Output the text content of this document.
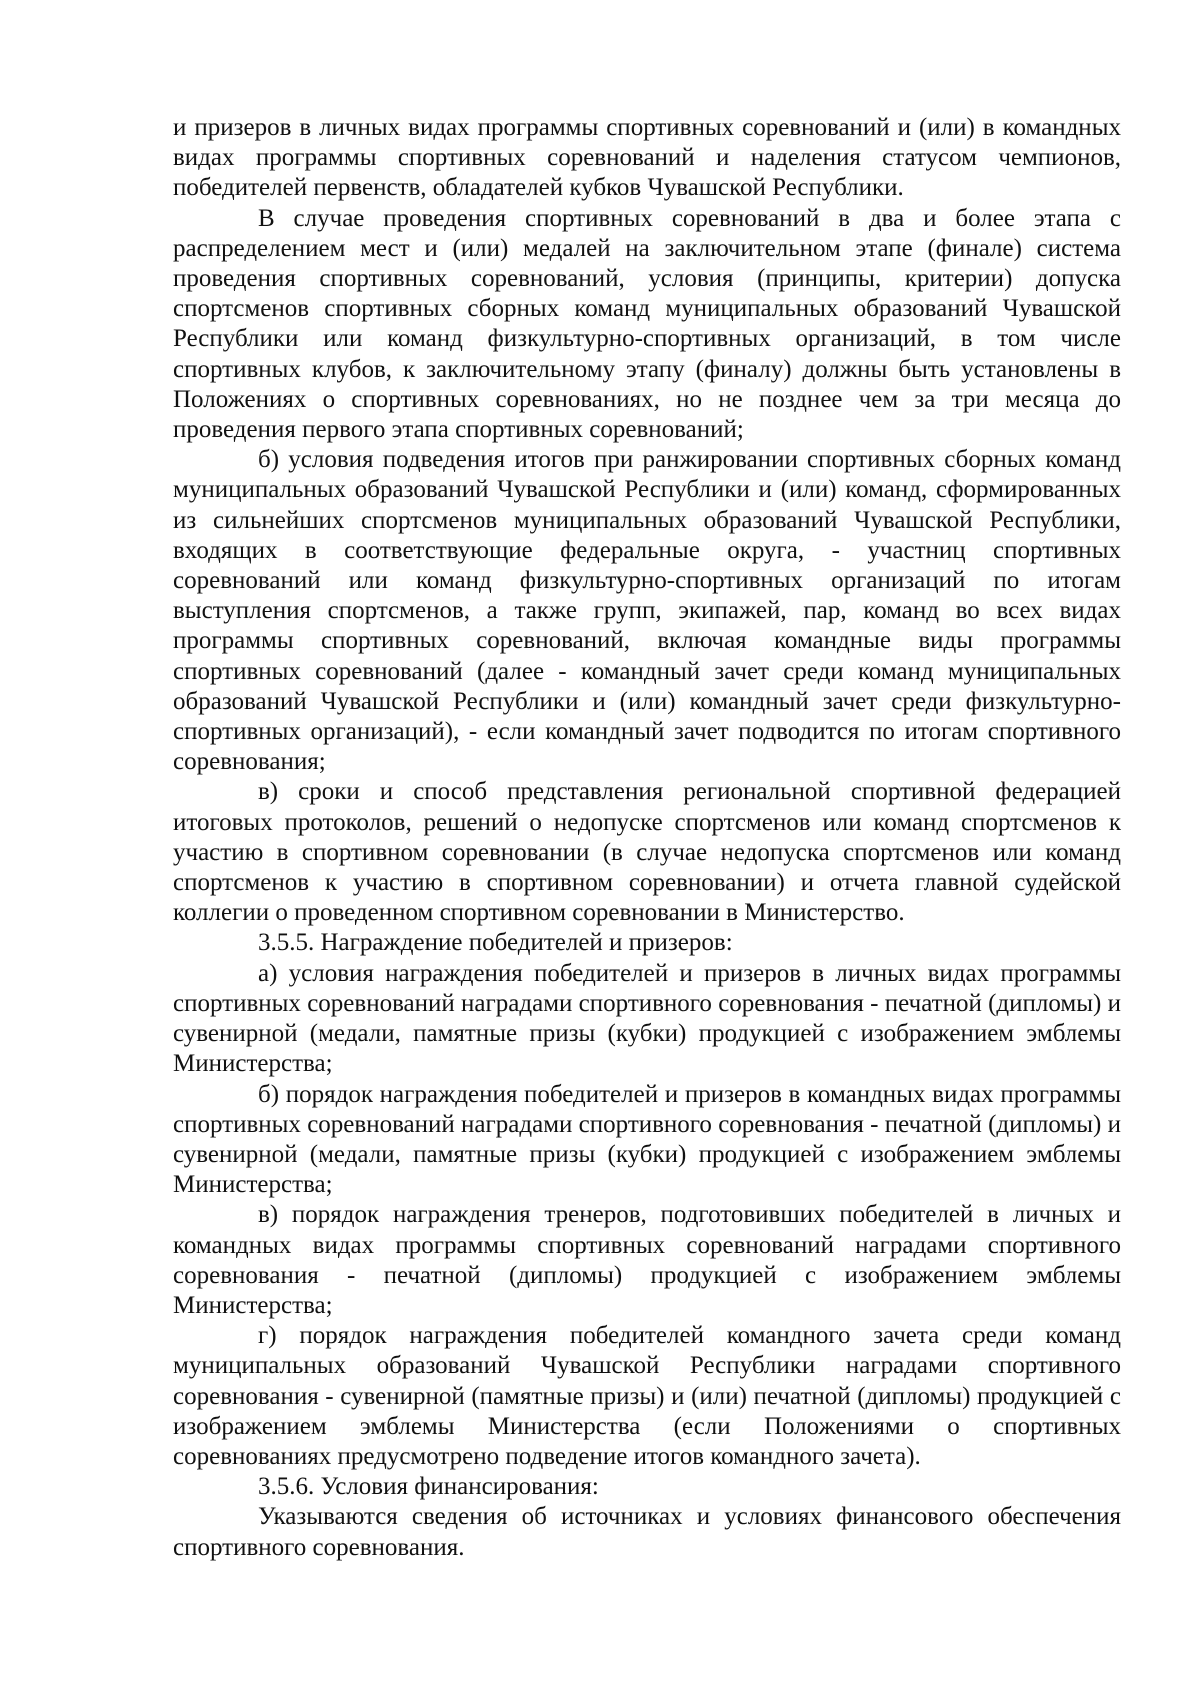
и призеров в личных видах программы спортивных соревнований и (или) в командных видах программы спортивных соревнований и наделения статусом чемпионов, победителей первенств, обладателей кубков Чувашской Республики.

В случае проведения спортивных соревнований в два и более этапа с распределением мест и (или) медалей на заключительном этапе (финале) система проведения спортивных соревнований, условия (принципы, критерии) допуска спортсменов спортивных сборных команд муниципальных образований Чувашской Республики или команд физкультурно-спортивных организаций, в том числе спортивных клубов, к заключительному этапу (финалу) должны быть установлены в Положениях о спортивных соревнованиях, но не позднее чем за три месяца до проведения первого этапа спортивных соревнований;

б) условия подведения итогов при ранжировании спортивных сборных команд муниципальных образований Чувашской Республики и (или) команд, сформированных из сильнейших спортсменов муниципальных образований Чувашской Республики, входящих в соответствующие федеральные округа, - участниц спортивных соревнований или команд физкультурно-спортивных организаций по итогам выступления спортсменов, а также групп, экипажей, пар, команд во всех видах программы спортивных соревнований, включая командные виды программы спортивных соревнований (далее - командный зачет среди команд муниципальных образований Чувашской Республики и (или) командный зачет среди физкультурно-спортивных организаций), - если командный зачет подводится по итогам спортивного соревнования;

в) сроки и способ представления региональной спортивной федерацией итоговых протоколов, решений о недопуске спортсменов или команд спортсменов к участию в спортивном соревновании (в случае недопуска спортсменов или команд спортсменов к участию в спортивном соревновании) и отчета главной судейской коллегии о проведенном спортивном соревновании в Министерство.

3.5.5. Награждение победителей и призеров:

а) условия награждения победителей и призеров в личных видах программы спортивных соревнований наградами спортивного соревнования - печатной (дипломы) и сувенирной (медали, памятные призы (кубки) продукцией с изображением эмблемы Министерства;

б) порядок награждения победителей и призеров в командных видах программы спортивных соревнований наградами спортивного соревнования - печатной (дипломы) и сувенирной (медали, памятные призы (кубки) продукцией с изображением эмблемы Министерства;

в) порядок награждения тренеров, подготовивших победителей в личных и командных видах программы спортивных соревнований наградами спортивного соревнования - печатной (дипломы) продукцией с изображением эмблемы Министерства;

г) порядок награждения победителей командного зачета среди команд муниципальных образований Чувашской Республики наградами спортивного соревнования - сувенирной (памятные призы) и (или) печатной (дипломы) продукцией с изображением эмблемы Министерства (если Положениями о спортивных соревнованиях предусмотрено подведение итогов командного зачета).

3.5.6. Условия финансирования:

Указываются сведения об источниках и условиях финансового обеспечения спортивного соревнования.
